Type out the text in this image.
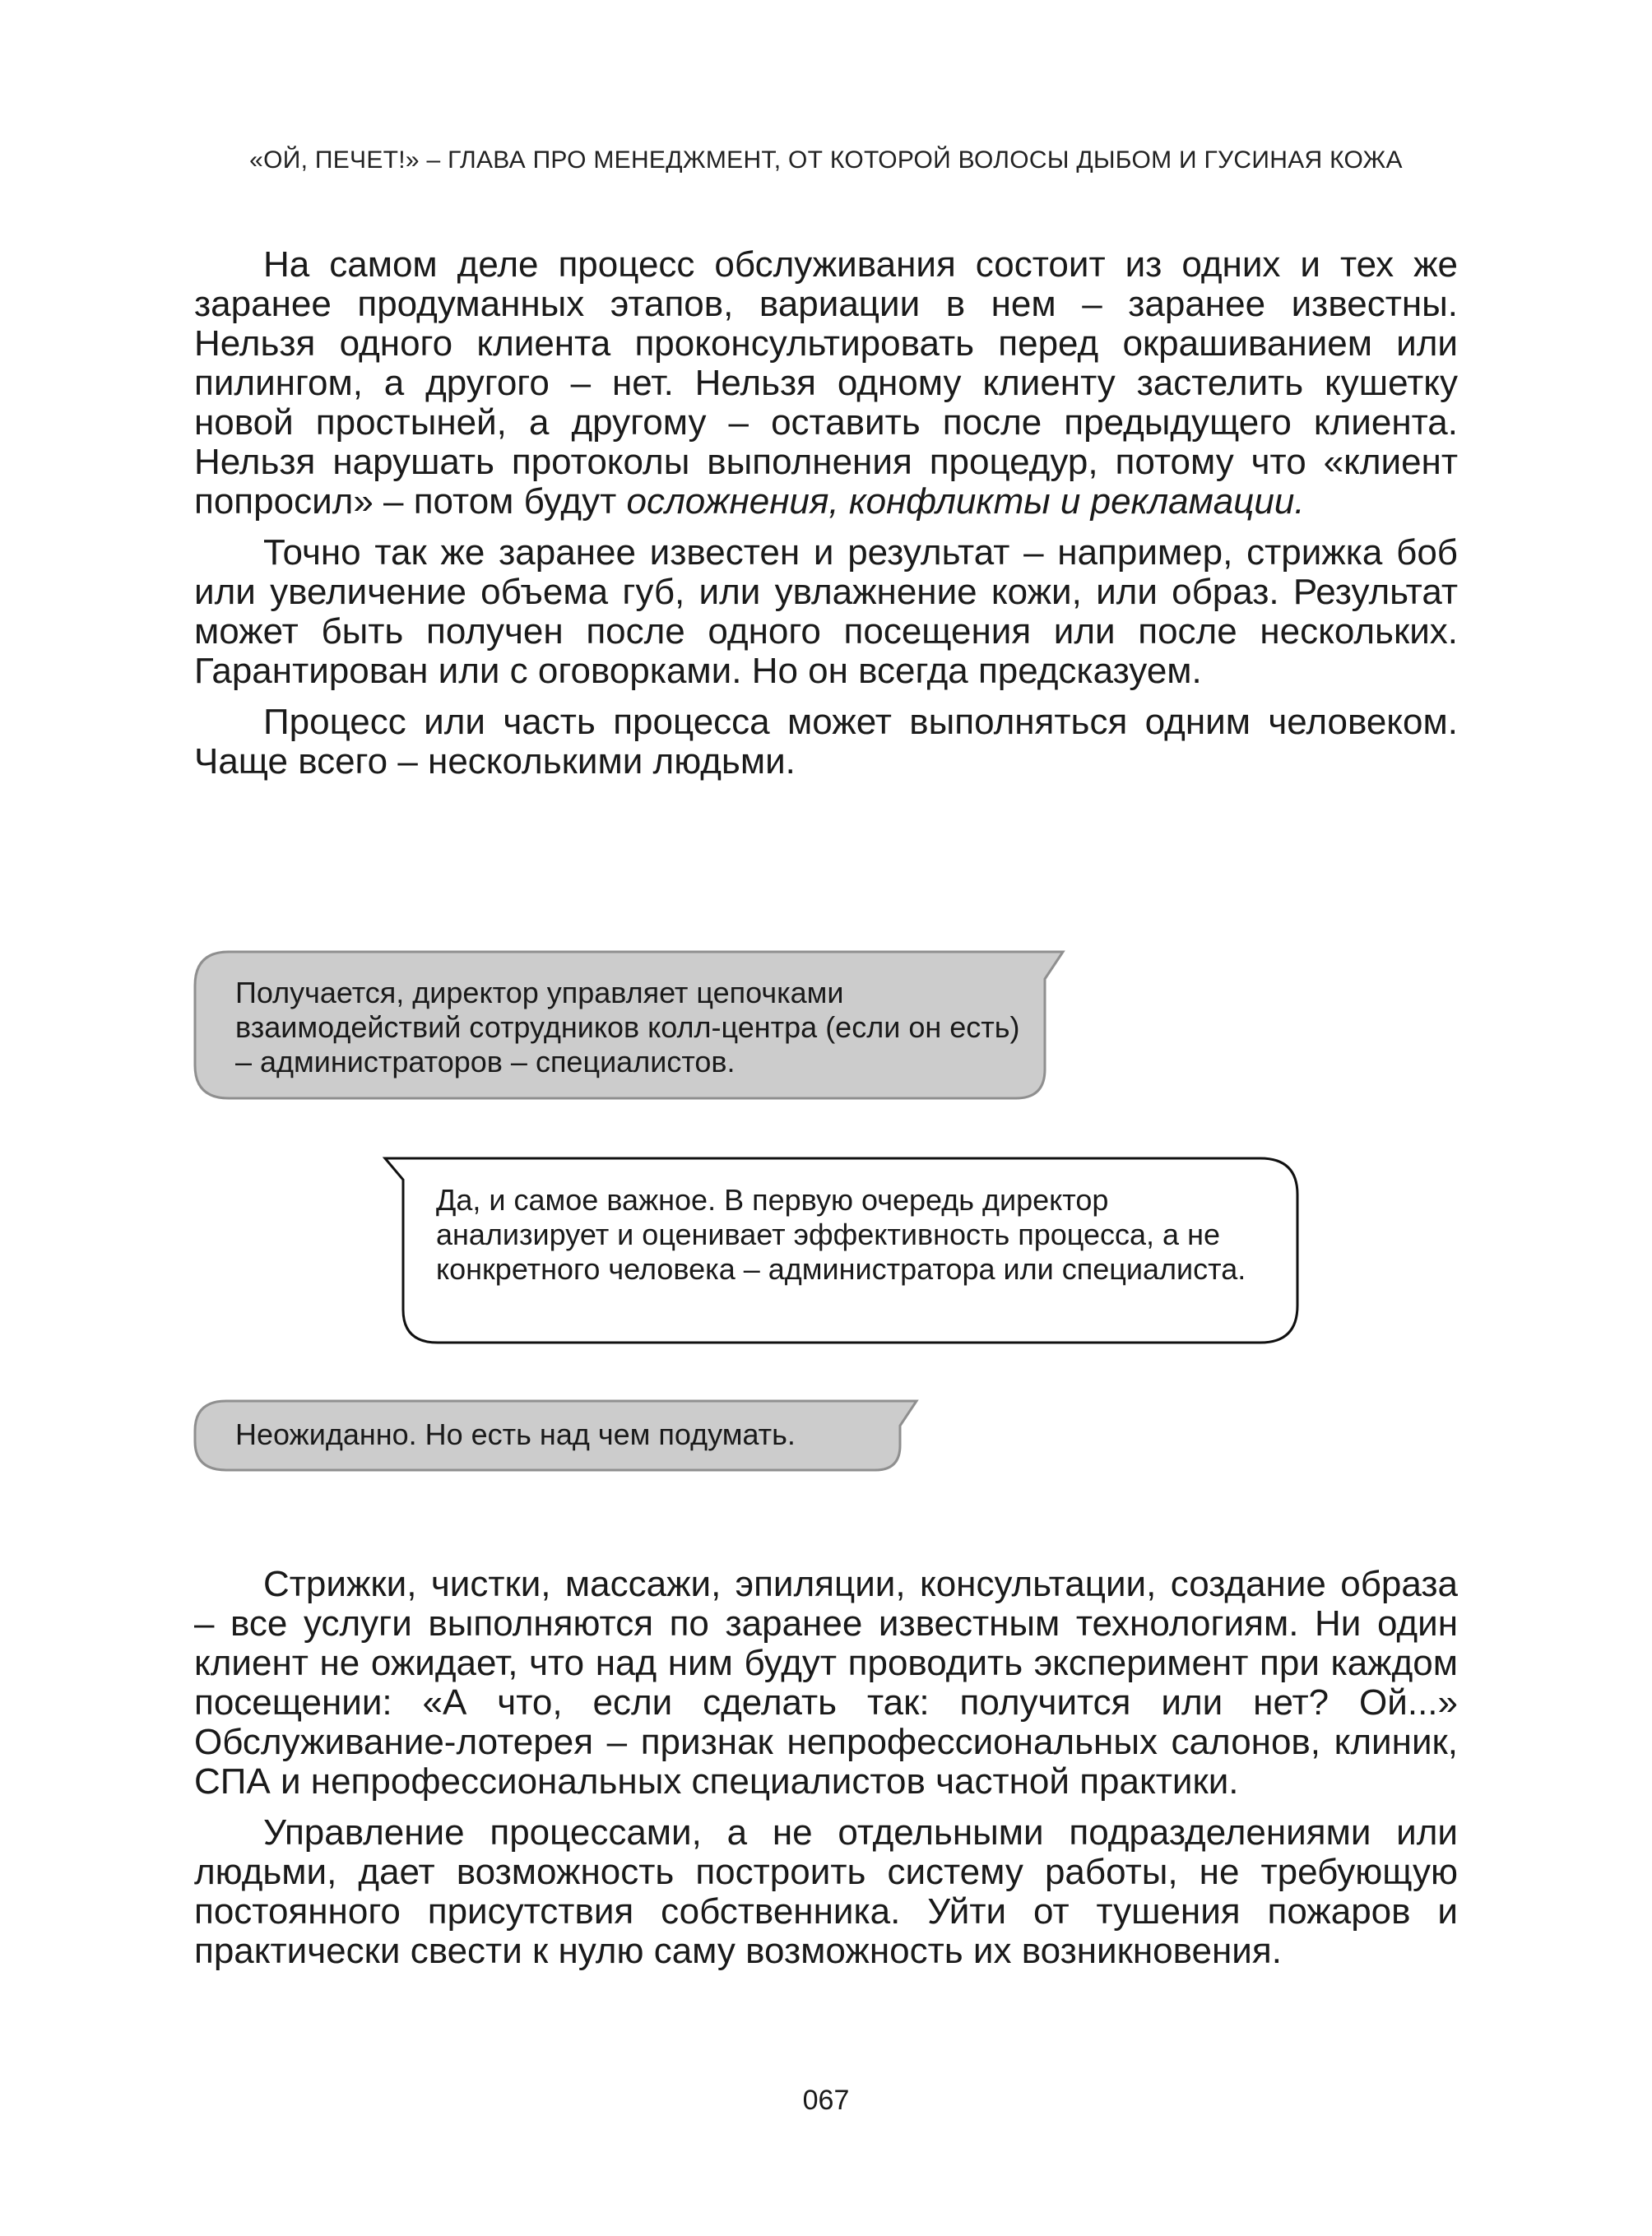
«ОЙ, ПЕЧЕТ!» – ГЛАВА ПРО МЕНЕДЖМЕНТ, ОТ КОТОРОЙ ВОЛОСЫ ДЫБОМ И ГУСИНАЯ КОЖА

На самом деле процесс обслуживания состоит из одних и тех же заранее продуманных этапов, вариации в нем – заранее известны. Нельзя одного клиента проконсультировать перед окрашиванием или пилингом, а другого – нет. Нельзя одному клиенту застелить кушетку новой простыней, а другому – оставить после предыдущего клиента. Нельзя нарушать протоколы выполнения процедур, потому что «клиент попросил» – потом будут осложнения, конфликты и рекламации.

Точно так же заранее известен и результат – например, стрижка боб или увеличение объема губ, или увлажнение кожи, или образ. Результат может быть получен после одного посещения или после нескольких. Гарантирован или с оговорками. Но он всегда предсказуем.

Процесс или часть процесса может выполняться одним человеком. Чаще всего – несколькими людьми.

Получается, директор управляет цепочками взаимодействий сотрудников колл-центра (если он есть) – администраторов – специалистов.
Да, и самое важное. В первую очередь директор анализирует и оценивает эффективность процесса, а не конкретного человека – администратора или специалиста.
Неожиданно. Но есть над чем подумать.

Стрижки, чистки, массажи, эпиляции, консультации, создание образа – все услуги выполняются по заранее известным технологиям. Ни один клиент не ожидает, что над ним будут проводить эксперимент при каждом посещении: «А что, если сделать так: получится или нет? Ой...» Обслуживание-лотерея – признак непрофессиональных салонов, клиник, СПА и непрофессиональных специалистов частной практики.

Управление процессами, а не отдельными подразделениями или людьми, дает возможность построить систему работы, не требующую постоянного присутствия собственника. Уйти от тушения пожаров и практически свести к нулю саму возможность их возникновения.

067
